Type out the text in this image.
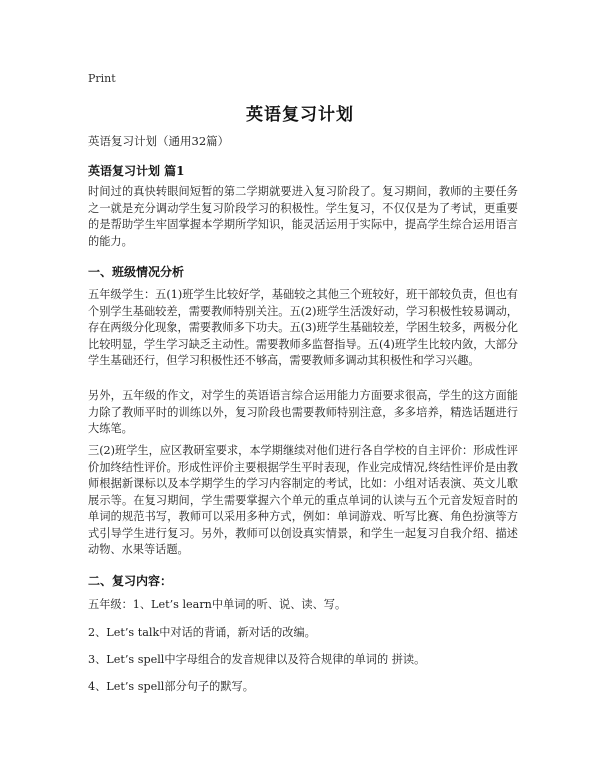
Print
英语复习计划
英语复习计划（通用32篇）
英语复习计划 篇1
时间过的真快转眼间短暂的第二学期就要进入复习阶段了。复习期间，教师的主要任务之一就是充分调动学生复习阶段学习的积极性。学生复习，不仅仅是为了考试，更重要的是帮助学生牢固掌握本学期所学知识，能灵活运用于实际中，提高学生综合运用语言的能力。
一、班级情况分析
五年级学生：五(1)班学生比较好学，基础较之其他三个班较好，班干部较负责，但也有个别学生基础较差，需要教师特别关注。五(2)班学生活泼好动，学习积极性较易调动，存在两级分化现象，需要教师多下功夫。五(3)班学生基础较差，学困生较多，两极分化比较明显，学生学习缺乏主动性。需要教师多监督指导。五(4)班学生比较内敛，大部分学生基础还行，但学习积极性还不够高，需要教师多调动其积极性和学习兴趣。
另外，五年级的作文，对学生的英语语言综合运用能力方面要求很高，学生的这方面能力除了教师平时的训练以外，复习阶段也需要教师特别注意，多多培养，精选话题进行大练笔。
三(2)班学生，应区教研室要求，本学期继续对他们进行各自学校的自主评价：形成性评价加终结性评价。形成性评价主要根据学生平时表现，作业完成情况,终结性评价是由教师根据新课标以及本学期学生的学习内容制定的考试，比如：小组对话表演、英文儿歌展示等。在复习期间，学生需要掌握六个单元的重点单词的认读与五个元音发短音时的单词的规范书写，教师可以采用多种方式，例如：单词游戏、听写比赛、角色扮演等方式引导学生进行复习。另外，教师可以创设真实情景，和学生一起复习自我介绍、描述动物、水果等话题。
二、复习内容：
五年级：1、Let’s learn中单词的听、说、读、写。
2、Let’s talk中对话的背诵，新对话的改编。
3、Let’s spell中字母组合的发音规律以及符合规律的单词的 拼读。
4、Let’s spell部分句子的默写。
